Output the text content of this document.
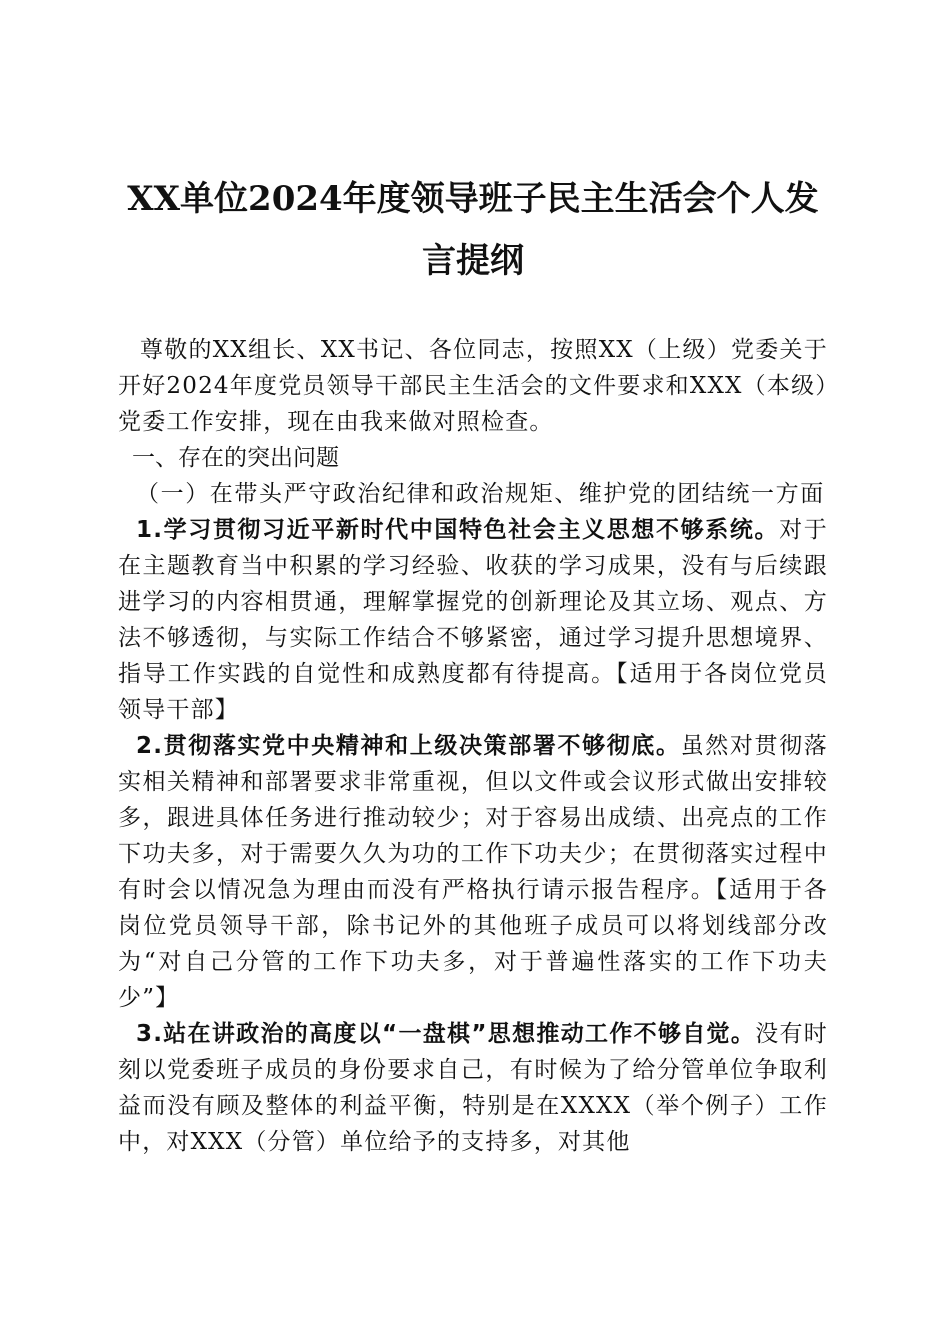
XX单位2024年度领导班子民主生活会个人发
言提纲

尊敬的XX组长、XX书记、各位同志，按照XX（上级）党委关于开好2024年度党员领导干部民主生活会的文件要求和XXX（本级）党委工作安排，现在由我来做对照检查。

一、存在的突出问题

（一）在带头严守政治纪律和政治规矩、维护党的团结统一方面

1.学习贯彻习近平新时代中国特色社会主义思想不够系统。对于在主题教育当中积累的学习经验、收获的学习成果，没有与后续跟进学习的内容相贯通，理解掌握党的创新理论及其立场、观点、方法不够透彻，与实际工作结合不够紧密，通过学习提升思想境界、指导工作实践的自觉性和成熟度都有待提高。【适用于各岗位党员领导干部】

2.贯彻落实党中央精神和上级决策部署不够彻底。虽然对贯彻落实相关精神和部署要求非常重视，但以文件或会议形式做出安排较多，跟进具体任务进行推动较少；对于容易出成绩、出亮点的工作下功夫多，对于需要久久为功的工作下功夫少；在贯彻落实过程中有时会以情况急为理由而没有严格执行请示报告程序。【适用于各岗位党员领导干部，除书记外的其他班子成员可以将划线部分改为“对自己分管的工作下功夫多，对于普遍性落实的工作下功夫少”】

3.站在讲政治的高度以“一盘棋”思想推动工作不够自觉。没有时刻以党委班子成员的身份要求自己，有时候为了给分管单位争取利益而没有顾及整体的利益平衡，特别是在XXXX（举个例子）工作中，对XXX（分管）单位给予的支持多，对其他
